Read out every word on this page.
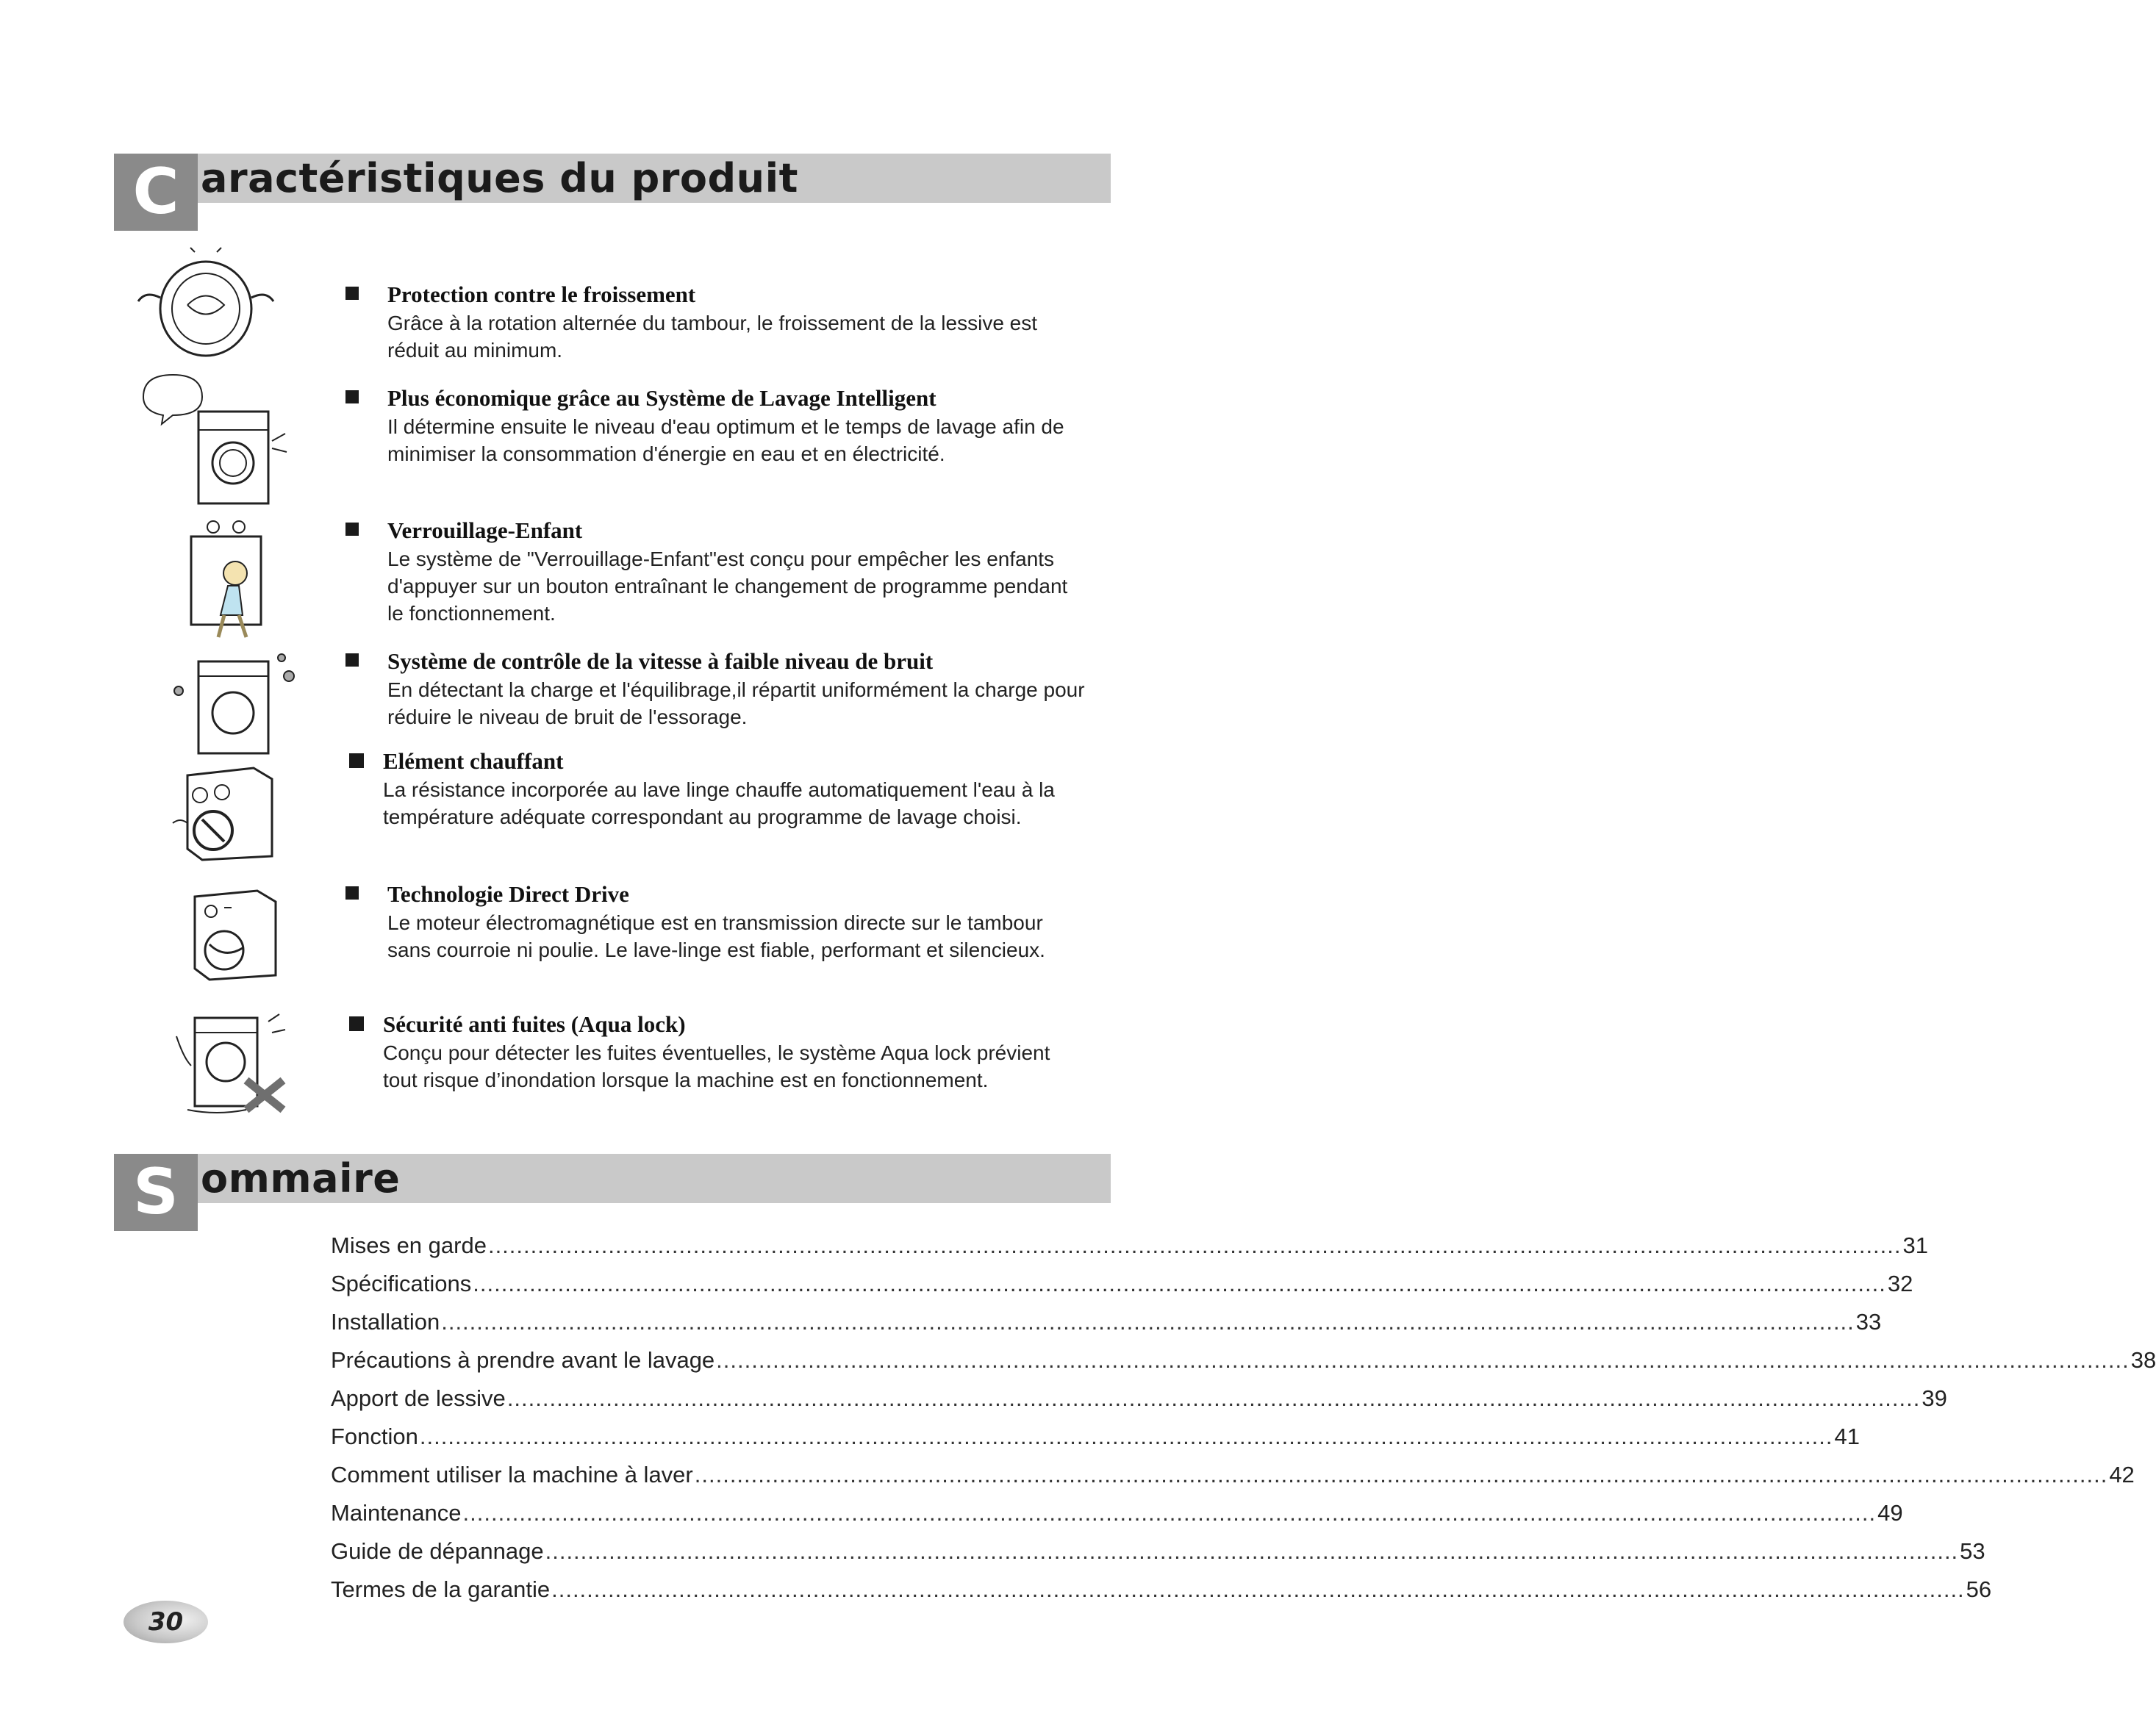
C aractéristiques du produit
Protection contre le froissement
Grâce à la rotation alternée du tambour, le froissement de la lessive est réduit au minimum.
Plus économique grâce au Système de Lavage Intelligent
Il détermine ensuite le niveau d'eau optimum et le temps de lavage afin de minimiser la consommation d'énergie en eau et en électricité.
Verrouillage-Enfant
Le système de "Verrouillage-Enfant"est conçu pour empêcher les enfants d'appuyer sur un bouton entraînant le changement de programme pendant le fonctionnement.
Système de contrôle de la vitesse à faible niveau de bruit
En détectant la charge et l'équilibrage,il répartit uniformément la charge pour réduire le niveau de bruit de l'essorage.
Elément chauffant
La résistance incorporée au lave linge chauffe automatiquement l'eau à la température adéquate correspondant au programme de lavage choisi.
Technologie Direct Drive
Le moteur électromagnétique est en transmission directe sur le tambour sans courroie ni poulie. Le lave-linge est fiable, performant et silencieux.
Sécurité anti fuites (Aqua lock)
Conçu pour détecter les fuites éventuelles, le système Aqua lock prévient tout risque d’inondation lorsque la machine est en fonctionnement.
S ommaire
Mises en garde ........................................................................................................................................................................................................ 31
Spécifications ........................................................................................................................................................................................................ 32
Installation ........................................................................................................................................................................................................ 33
Précautions à prendre avant le lavage ........................................................................................................................................................................................................ 38
Apport de lessive ........................................................................................................................................................................................................ 39
Fonction ........................................................................................................................................................................................................ 41
Comment utiliser la machine à laver ........................................................................................................................................................................................................ 42
Maintenance ........................................................................................................................................................................................................ 49
Guide de dépannage ........................................................................................................................................................................................................ 53
Termes de la garantie ........................................................................................................................................................................................................ 56
30
